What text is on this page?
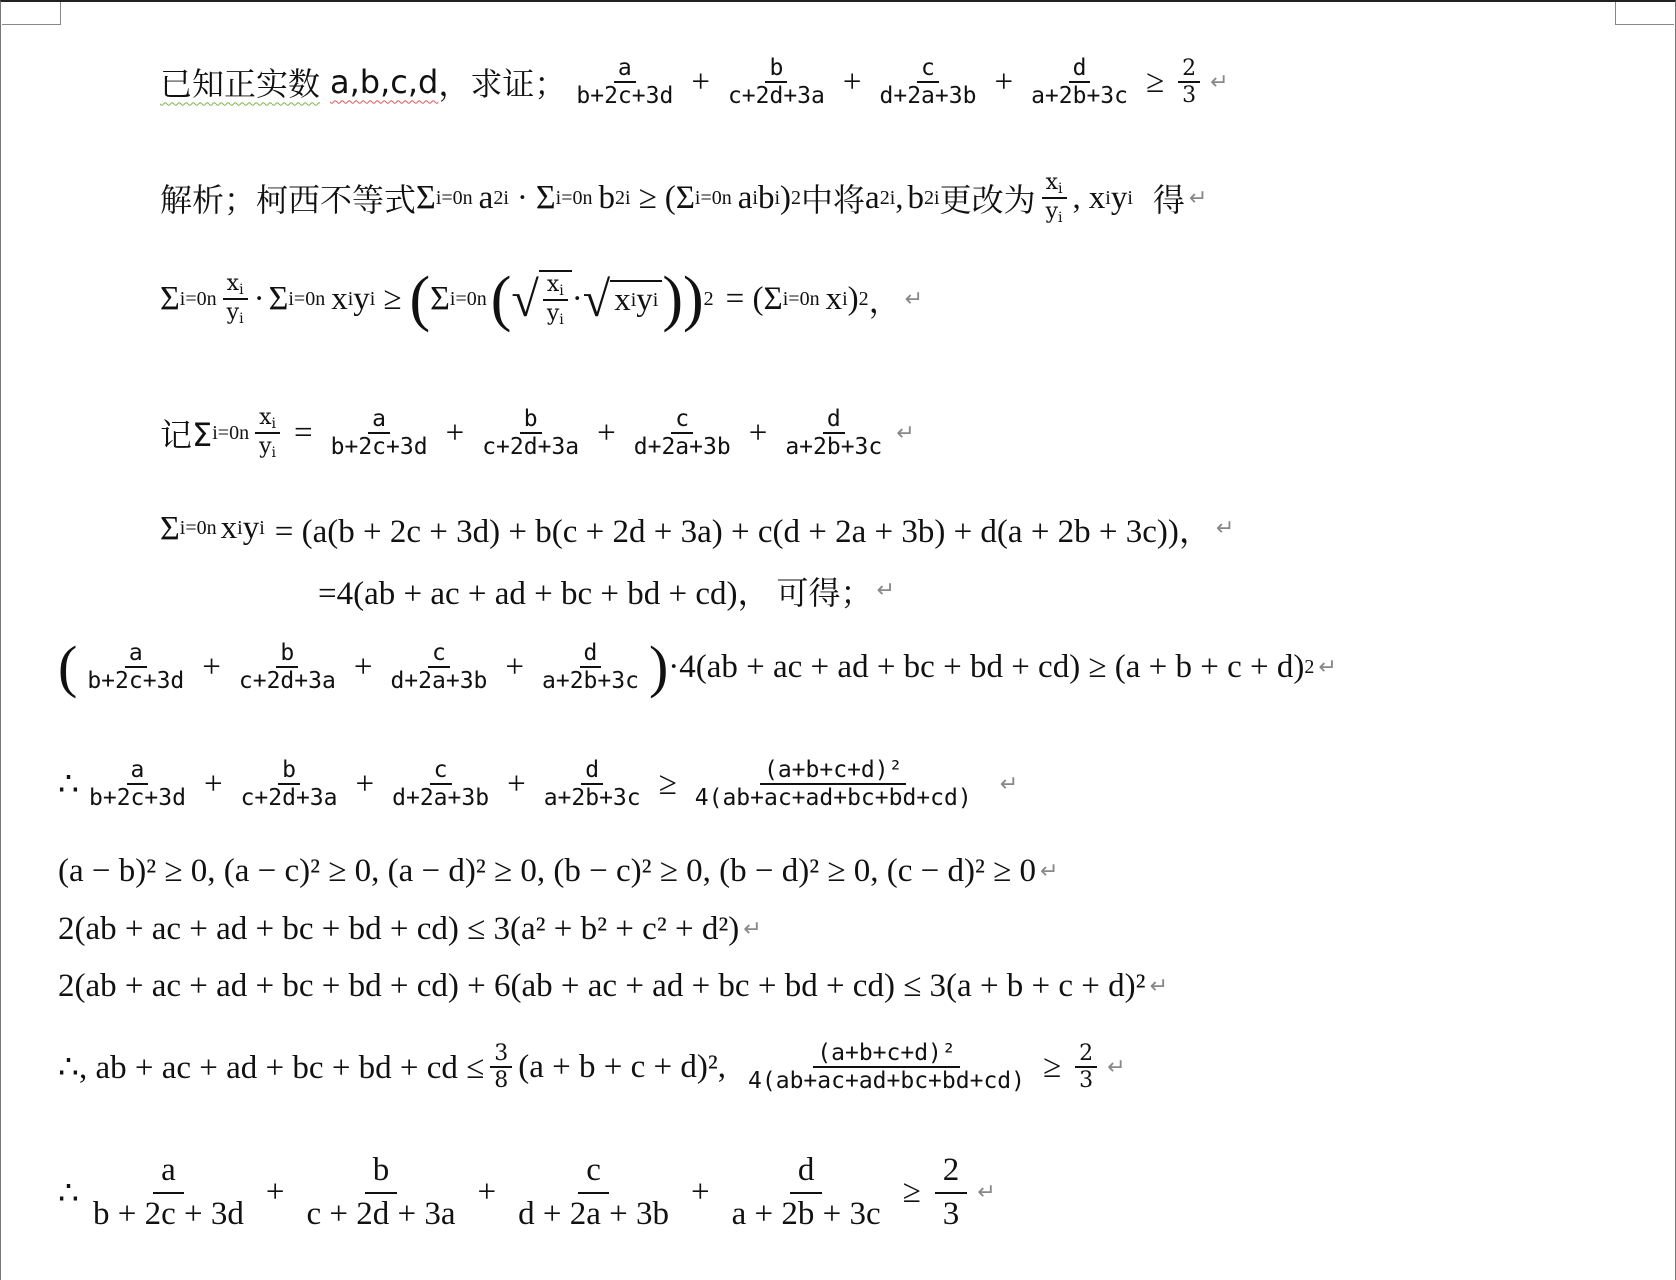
已知正实数 a,b,c,d ，求证； $\frac{a}{b+2c+3d} + \frac{b}{c+2d+3a} + \frac{c}{d+2a+3b} + \frac{d}{a+2b+3c} \ge \frac{2}{3}$ ↵
解析；柯西不等式 Σ i=0 n a 2 i · Σ i=0 n b 2 i ≥ (Σ i=0 n a i b i ) 2 中将 a 2 i , b 2 i 更改为 $\frac{x_i}{y_i}$ , x i y i 得 ↵
Σ i=0 n $\frac{x_i}{y_i} \cdot \Sigma$ i=0 n x i y i ≥ ( Σ i=0 n ( √ $\frac{x_i}{y_i}$ · √ x i y i ) ) 2 = (Σ i=0 n x i ) 2 ， ↵
记Σ i=0 n $\frac{x_i}{y_i} = \frac{a}{b+2c+3d} + \frac{b}{c+2d+3a} + \frac{c}{d+2a+3b} + \frac{d}{a+2b+3c}$ ↵
Σ i=0 n x i y i = (a(b + 2c + 3d) + b(c + 2d + 3a) + c(d + 2a + 3b) + d(a + 2b + 3c))， ↵
=4(ab + ac + ad + bc + bd + cd)， 可得； ↵
( $\frac{a}{b+2c+3d} + \frac{b}{c+2d+3a} + \frac{c}{d+2a+3b} + \frac{d}{a+2b+3c}$ ) ·4(ab + ac + ad + bc + bd + cd) ≥ (a + b + c + d) 2 ↵
∴ $\frac{a}{b+2c+3d} + \frac{b}{c+2d+3a} + \frac{c}{d+2a+3b} + \frac{d}{a+2b+3c} \ge \frac{\text{(a+b+c+d)²}}{4(ab+ac+ad+bc+bd+cd)}$ ↵
(a − b)² ≥ 0, (a − c)² ≥ 0, (a − d)² ≥ 0, (b − c)² ≥ 0, (b − d)² ≥ 0, (c − d)² ≥ 0 ↵
2(ab + ac + ad + bc + bd + cd) ≤ 3(a² + b² + c² + d²) ↵
2(ab + ac + ad + bc + bd + cd) + 6(ab + ac + ad + bc + bd + cd) ≤ 3(a + b + c + d)² ↵
∴, ab + ac + ad + bc + bd + cd ≤ $\frac{3}{8} (a + b + c + d)^2$, $\frac{\text{(a+b+c+d)²}}{4(ab+ac+ad+bc+bd+cd)} \ge \frac{2}{3}$ ↵
∴ $\frac{a}{b + 2c + 3d} + \frac{b}{c + 2d + 3a} + \frac{c}{d + 2a + 3b} + \frac{d}{a + 2b + 3c} \ge \frac{2}{3}$ ↵
